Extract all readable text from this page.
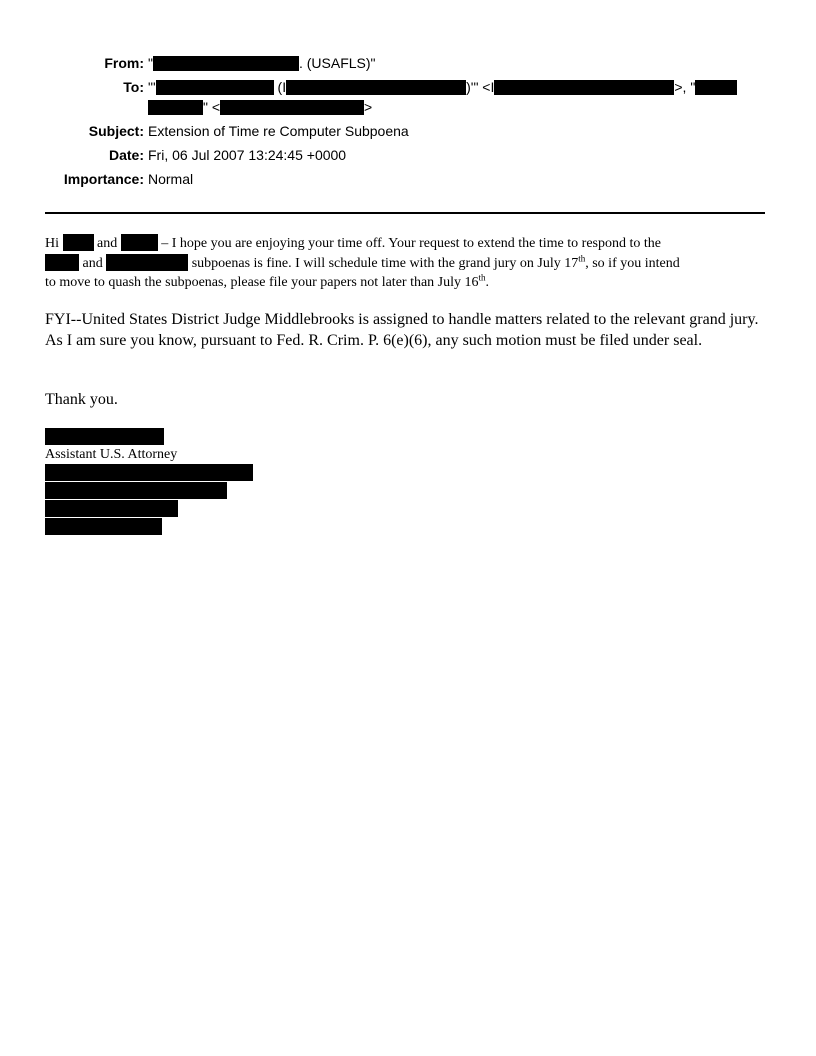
From: "	. (USAFLS)"
To: "'	(I	)'" <I	>, "
" <	>
Subject: Extension of Time re Computer Subpoena
Date: Fri, 06 Jul 2007 13:24:45 +0000
Importance: Normal
Hi	and	– I hope you are enjoying your time off. Your request to extend the time to respond to the
and	subpoenas is fine. I will schedule time with the grand jury on July 17th, so if you intend
to move to quash the subpoenas, please file your papers not later than July 16th.
FYI--United States District Judge Middlebrooks is assigned to handle matters related to the relevant grand jury. As I am sure you know, pursuant to Fed. R. Crim. P. 6(e)(6), any such motion must be filed under seal.
Thank you.
Assistant U.S. Attorney
